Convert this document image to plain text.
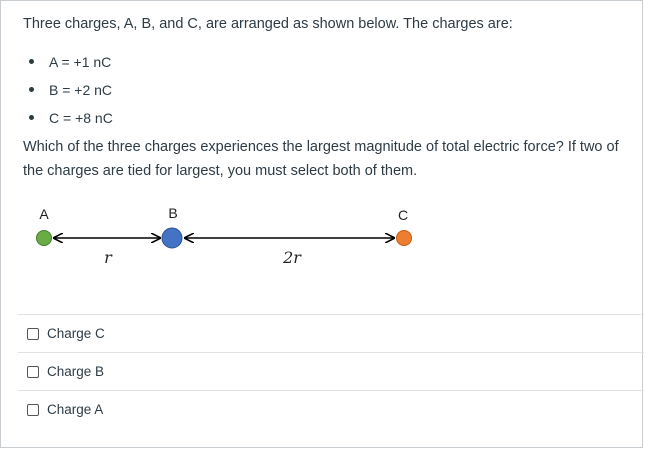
Three charges, A, B, and C, are arranged as shown below. The charges are:
A = +1 nC
B = +2 nC
C = +8 nC

Which of the three charges experiences the largest magnitude of total electric force? If two of the charges are tied for largest, you must select both of them.

A	B	C
r	2r
Charge C
Charge B
Charge A
